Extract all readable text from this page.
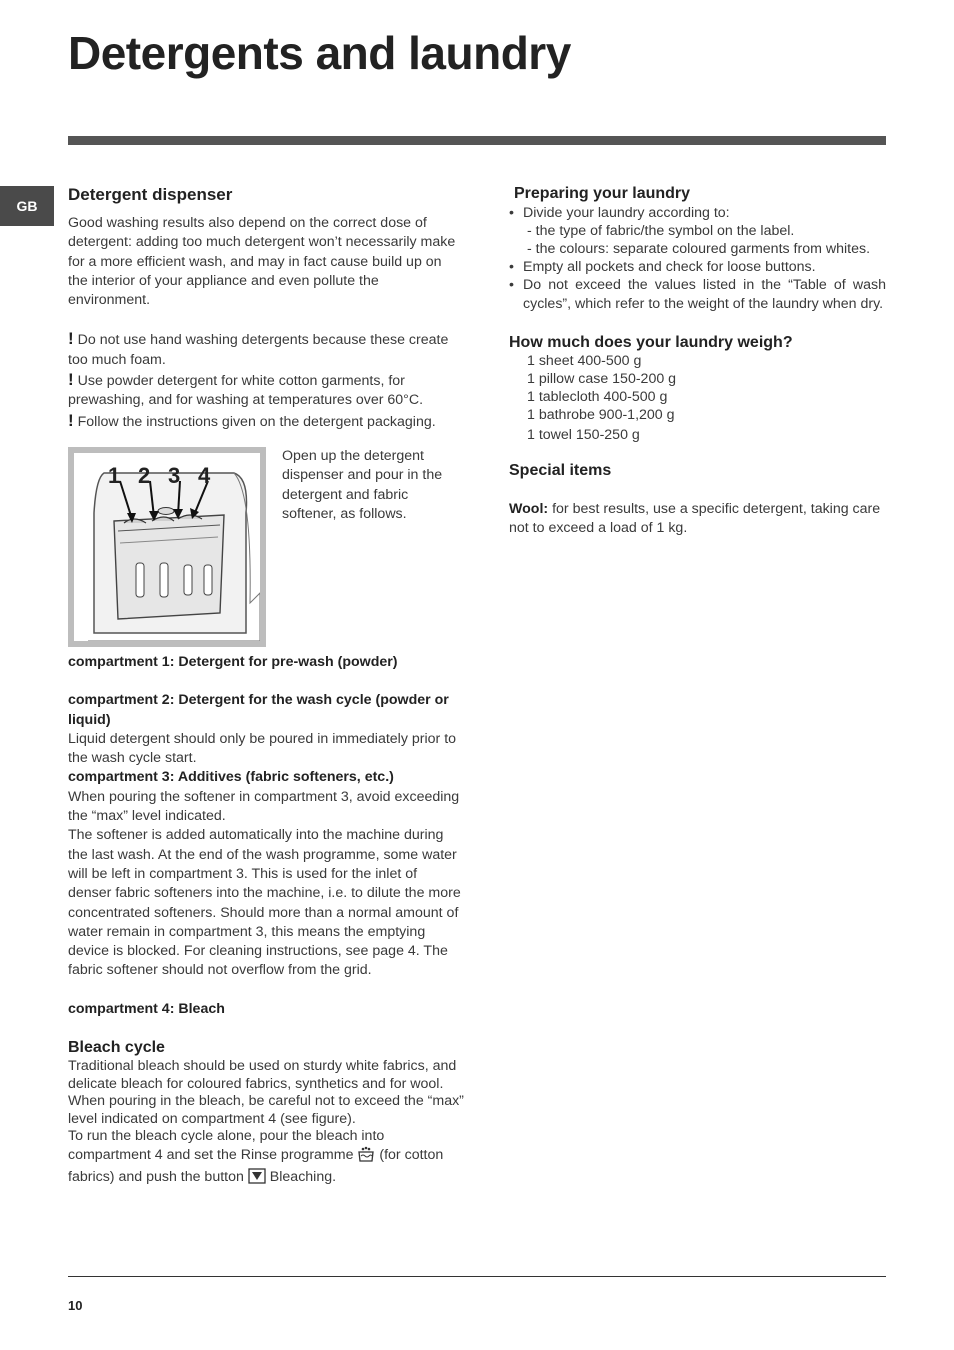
Detergents and laundry
GB
Detergent dispenser

Good washing results also depend on the correct dose of detergent: adding too much detergent won’t necessarily make for a more efficient wash, and may in fact cause build up on the interior of your appliance and even pollute the environment.

! Do not use hand washing detergents because these create too much foam.

! Use powder detergent for white cotton garments, for prewashing, and for washing at temperatures over 60°C.

! Follow the instructions given on the detergent packaging.

1 2 3 4

Open up the detergent dispenser and pour in the detergent and fabric softener, as follows.

compartment 1: Detergent for pre-wash (powder)

compartment 2: Detergent for the wash cycle (powder or liquid)

Liquid detergent should only be poured in immediately prior to the wash cycle start.

compartment 3: Additives (fabric softeners, etc.)

When pouring the softener in compartment 3, avoid exceeding the “max” level indicated.

The softener is added automatically into the machine during the last wash. At the end of the wash programme, some water will be left in compartment 3. This is used for the inlet of denser fabric softeners into the machine, i.e. to dilute the more concentrated softeners. Should more than a normal amount of water remain in compartment 3, this means the emptying device is blocked. For cleaning instructions, see page 4. The fabric softener should not overflow from the grid.

compartment 4: Bleach

Bleach cycle

Traditional bleach should be used on sturdy white fabrics, and delicate bleach for coloured fabrics, synthetics and for wool. When pouring in the bleach, be careful not to exceed the “max” level indicated on compartment 4 (see figure).

To run the bleach cycle alone, pour the bleach into compartment 4 and set the Rinse programme (for cotton fabrics) and push the button Bleaching.

Preparing your laundry
• Divide your laundry according to:
- the type of fabric/the symbol on the label.
- the colours: separate coloured garments from whites.
• Empty all pockets and check for loose buttons.
• Do not exceed the values listed in the “Table of wash cycles”, which refer to the weight of the laundry when dry.
How much does your laundry weigh?
1 sheet 400-500 g
1 pillow case 150-200 g
1 tablecloth 400-500 g
1 bathrobe 900-1,200 g
1 towel 150-250 g
Special items

Wool: for best results, use a specific detergent, taking care not to exceed a load of 1 kg.

10
